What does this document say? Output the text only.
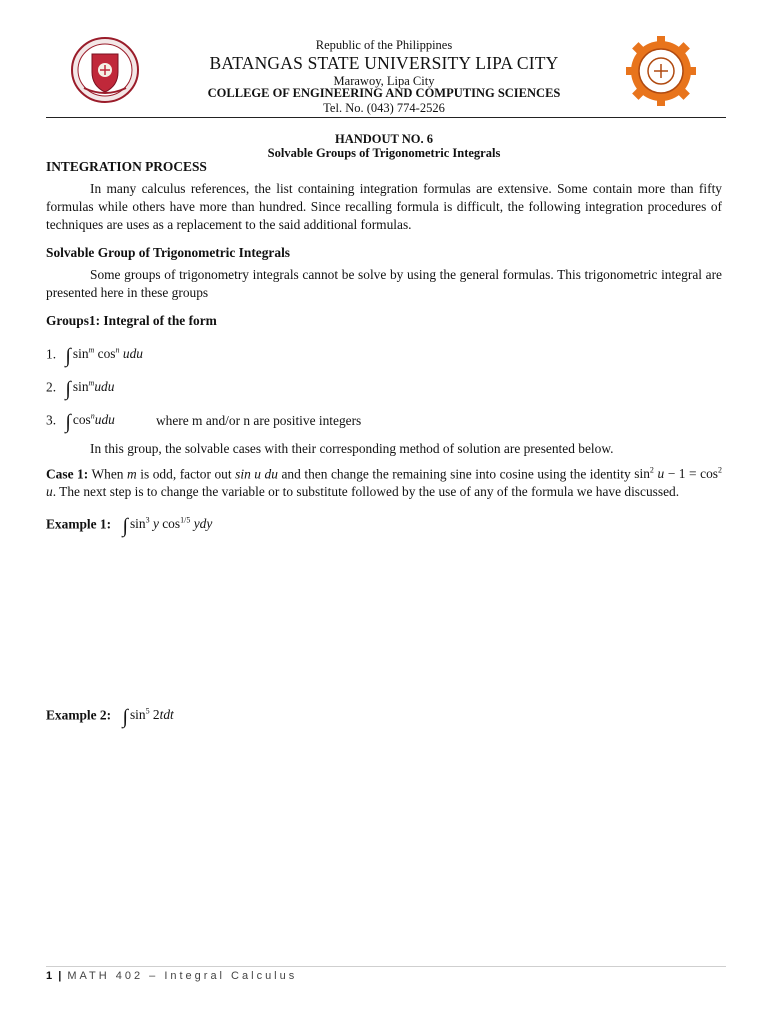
Republic of the Philippines
BATANGAS STATE UNIVERSITY LIPA CITY
Marawoy, Lipa City
COLLEGE OF ENGINEERING AND COMPUTING SCIENCES
Tel. No. (043) 774-2526
HANDOUT NO. 6
Solvable Groups of Trigonometric Integrals
INTEGRATION PROCESS
In many calculus references, the list containing integration formulas are extensive. Some contain more than fifty formulas while others have more than hundred. Since recalling formula is difficult, the following integration procedures of techniques are uses as a replacement to the said additional formulas.
Solvable Group of Trigonometric Integrals
Some groups of trigonometry integrals cannot be solve by using the general formulas. This trigonometric integral are presented here in these groups
Groups1: Integral of the form
1. ∫ $\sin^m \cos^n$ udu
2. ∫ $\sin^mudu$
3. ∫ $\cos^nudu$	where m and/or n are positive integers
In this group, the solvable cases with their corresponding method of solution are presented below.
Case 1: When m is odd, factor out sin u du and then change the remaining sine into cosine using the identity $\sin^2 u - 1 = \cos^2 u$. The next step is to change the variable or to substitute followed by the use of any of the formula we have discussed.
Example 1: ∫ $\sin^3 y$ $\cos^{1/5}$ ydy
Example 2: ∫ $\sin^5 2tdt$
1 | MATH 402 – Integral Calculus
